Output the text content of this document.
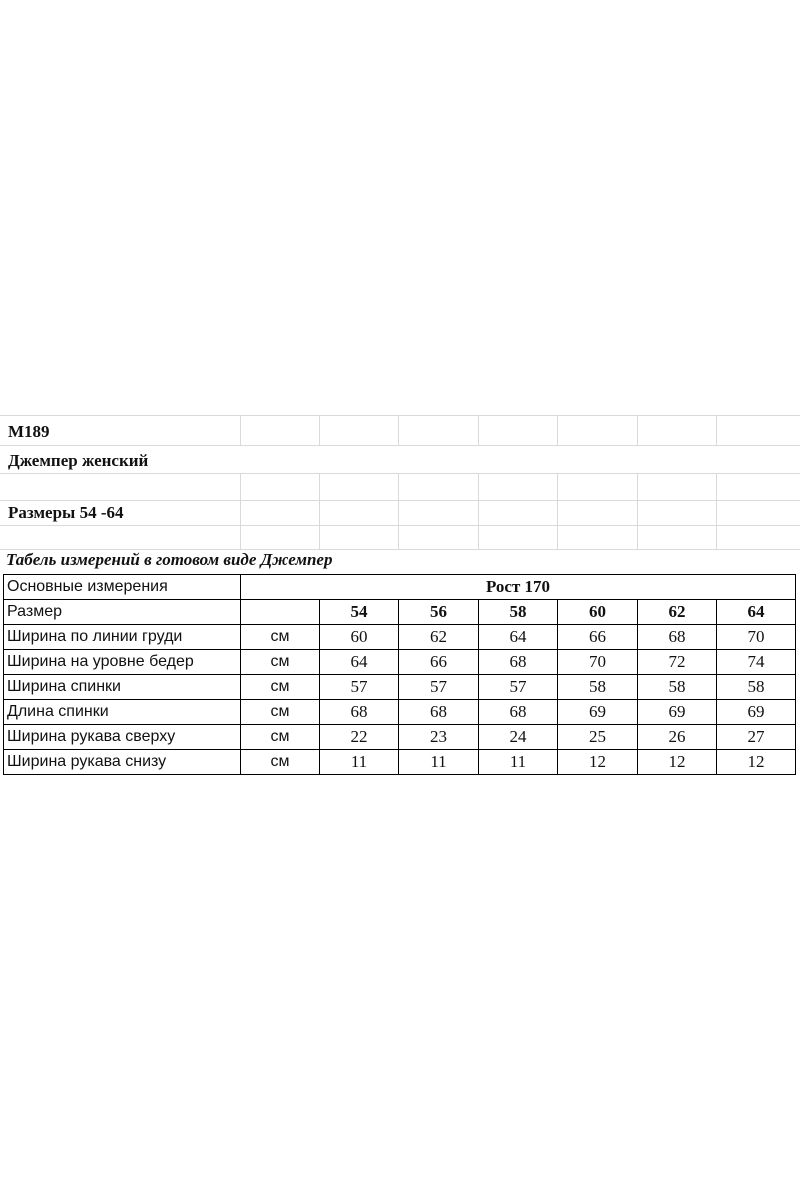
М189
Джемпер женский
Размеры 54 -64
Табель измерений в готовом виде Джемпер
Основные измерения	Рост 170						
Размер		54	56	58	60	62	64
Ширина по линии груди	см	60	62	64	66	68	70
Ширина на уровне бедер	см	64	66	68	70	72	74
Ширина спинки	см	57	57	57	58	58	58
Длина спинки	см	68	68	68	69	69	69
Ширина рукава сверху	см	22	23	24	25	26	27
Ширина рукава снизу	см	11	11	11	12	12	12
